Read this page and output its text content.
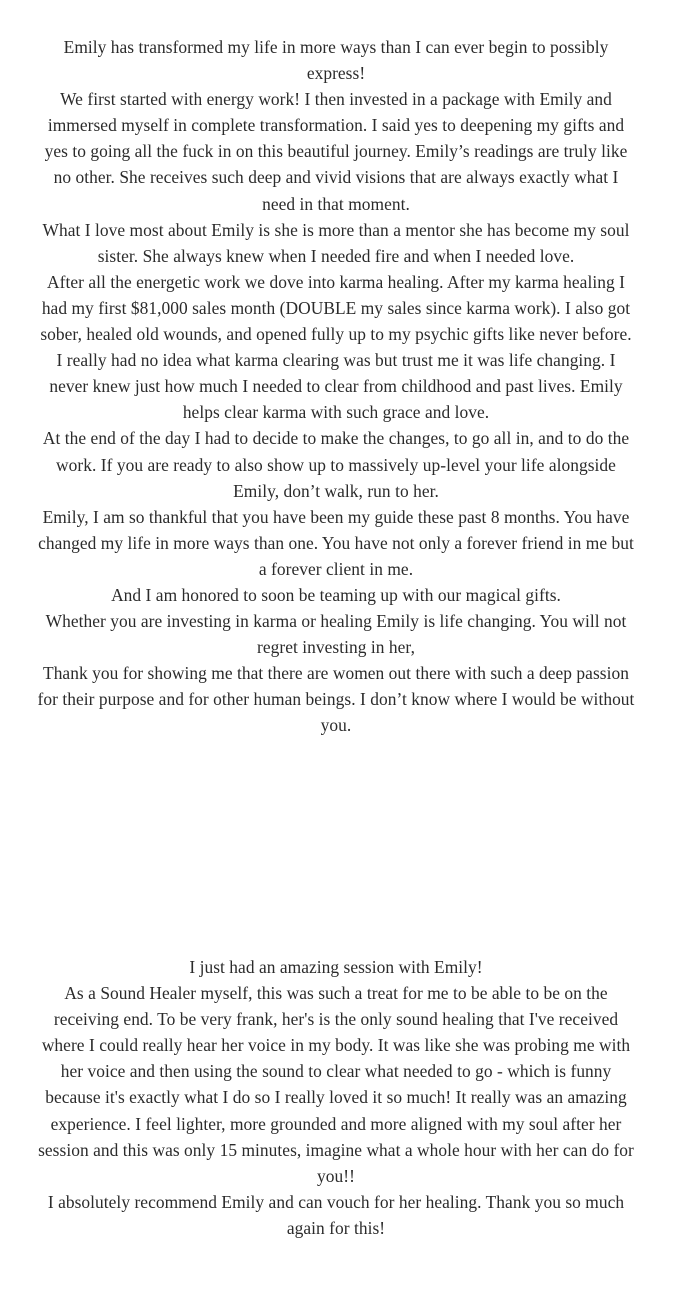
Emily has transformed my life in more ways than I can ever begin to possibly express!

We first started with energy work! I then invested in a package with Emily and immersed myself in complete transformation. I said yes to deepening my gifts and yes to going all the fuck in on this beautiful journey. Emily’s readings are truly like no other. She receives such deep and vivid visions that are always exactly what I need in that moment.

What I love most about Emily is she is more than a mentor she has become my soul sister. She always knew when I needed fire and when I needed love.

After all the energetic work we dove into karma healing. After my karma healing I had my first $81,000 sales month (DOUBLE my sales since karma work). I also got sober, healed old wounds, and opened fully up to my psychic gifts like never before. I really had no idea what karma clearing was but trust me it was life changing. I never knew just how much I needed to clear from childhood and past lives. Emily helps clear karma with such grace and love.

At the end of the day I had to decide to make the changes, to go all in, and to do the work. If you are ready to also show up to massively up-level your life alongside Emily, don’t walk, run to her.

Emily, I am so thankful that you have been my guide these past 8 months. You have changed my life in more ways than one. You have not only a forever friend in me but a forever client in me.

And I am honored to soon be teaming up with our magical gifts.

Whether you are investing in karma or healing Emily is life changing. You will not regret investing in her,

Thank you for showing me that there are women out there with such a deep passion for their purpose and for other human beings. I don’t know where I would be without you.

I just had an amazing session with Emily!

As a Sound Healer myself, this was such a treat for me to be able to be on the receiving end. To be very frank, her's is the only sound healing that I've received where I could really hear her voice in my body. It was like she was probing me with her voice and then using the sound to clear what needed to go - which is funny because it's exactly what I do so I really loved it so much! It really was an amazing experience. I feel lighter, more grounded and more aligned with my soul after her session and this was only 15 minutes, imagine what a whole hour with her can do for you!!

I absolutely recommend Emily and can vouch for her healing. Thank you so much again for this!
